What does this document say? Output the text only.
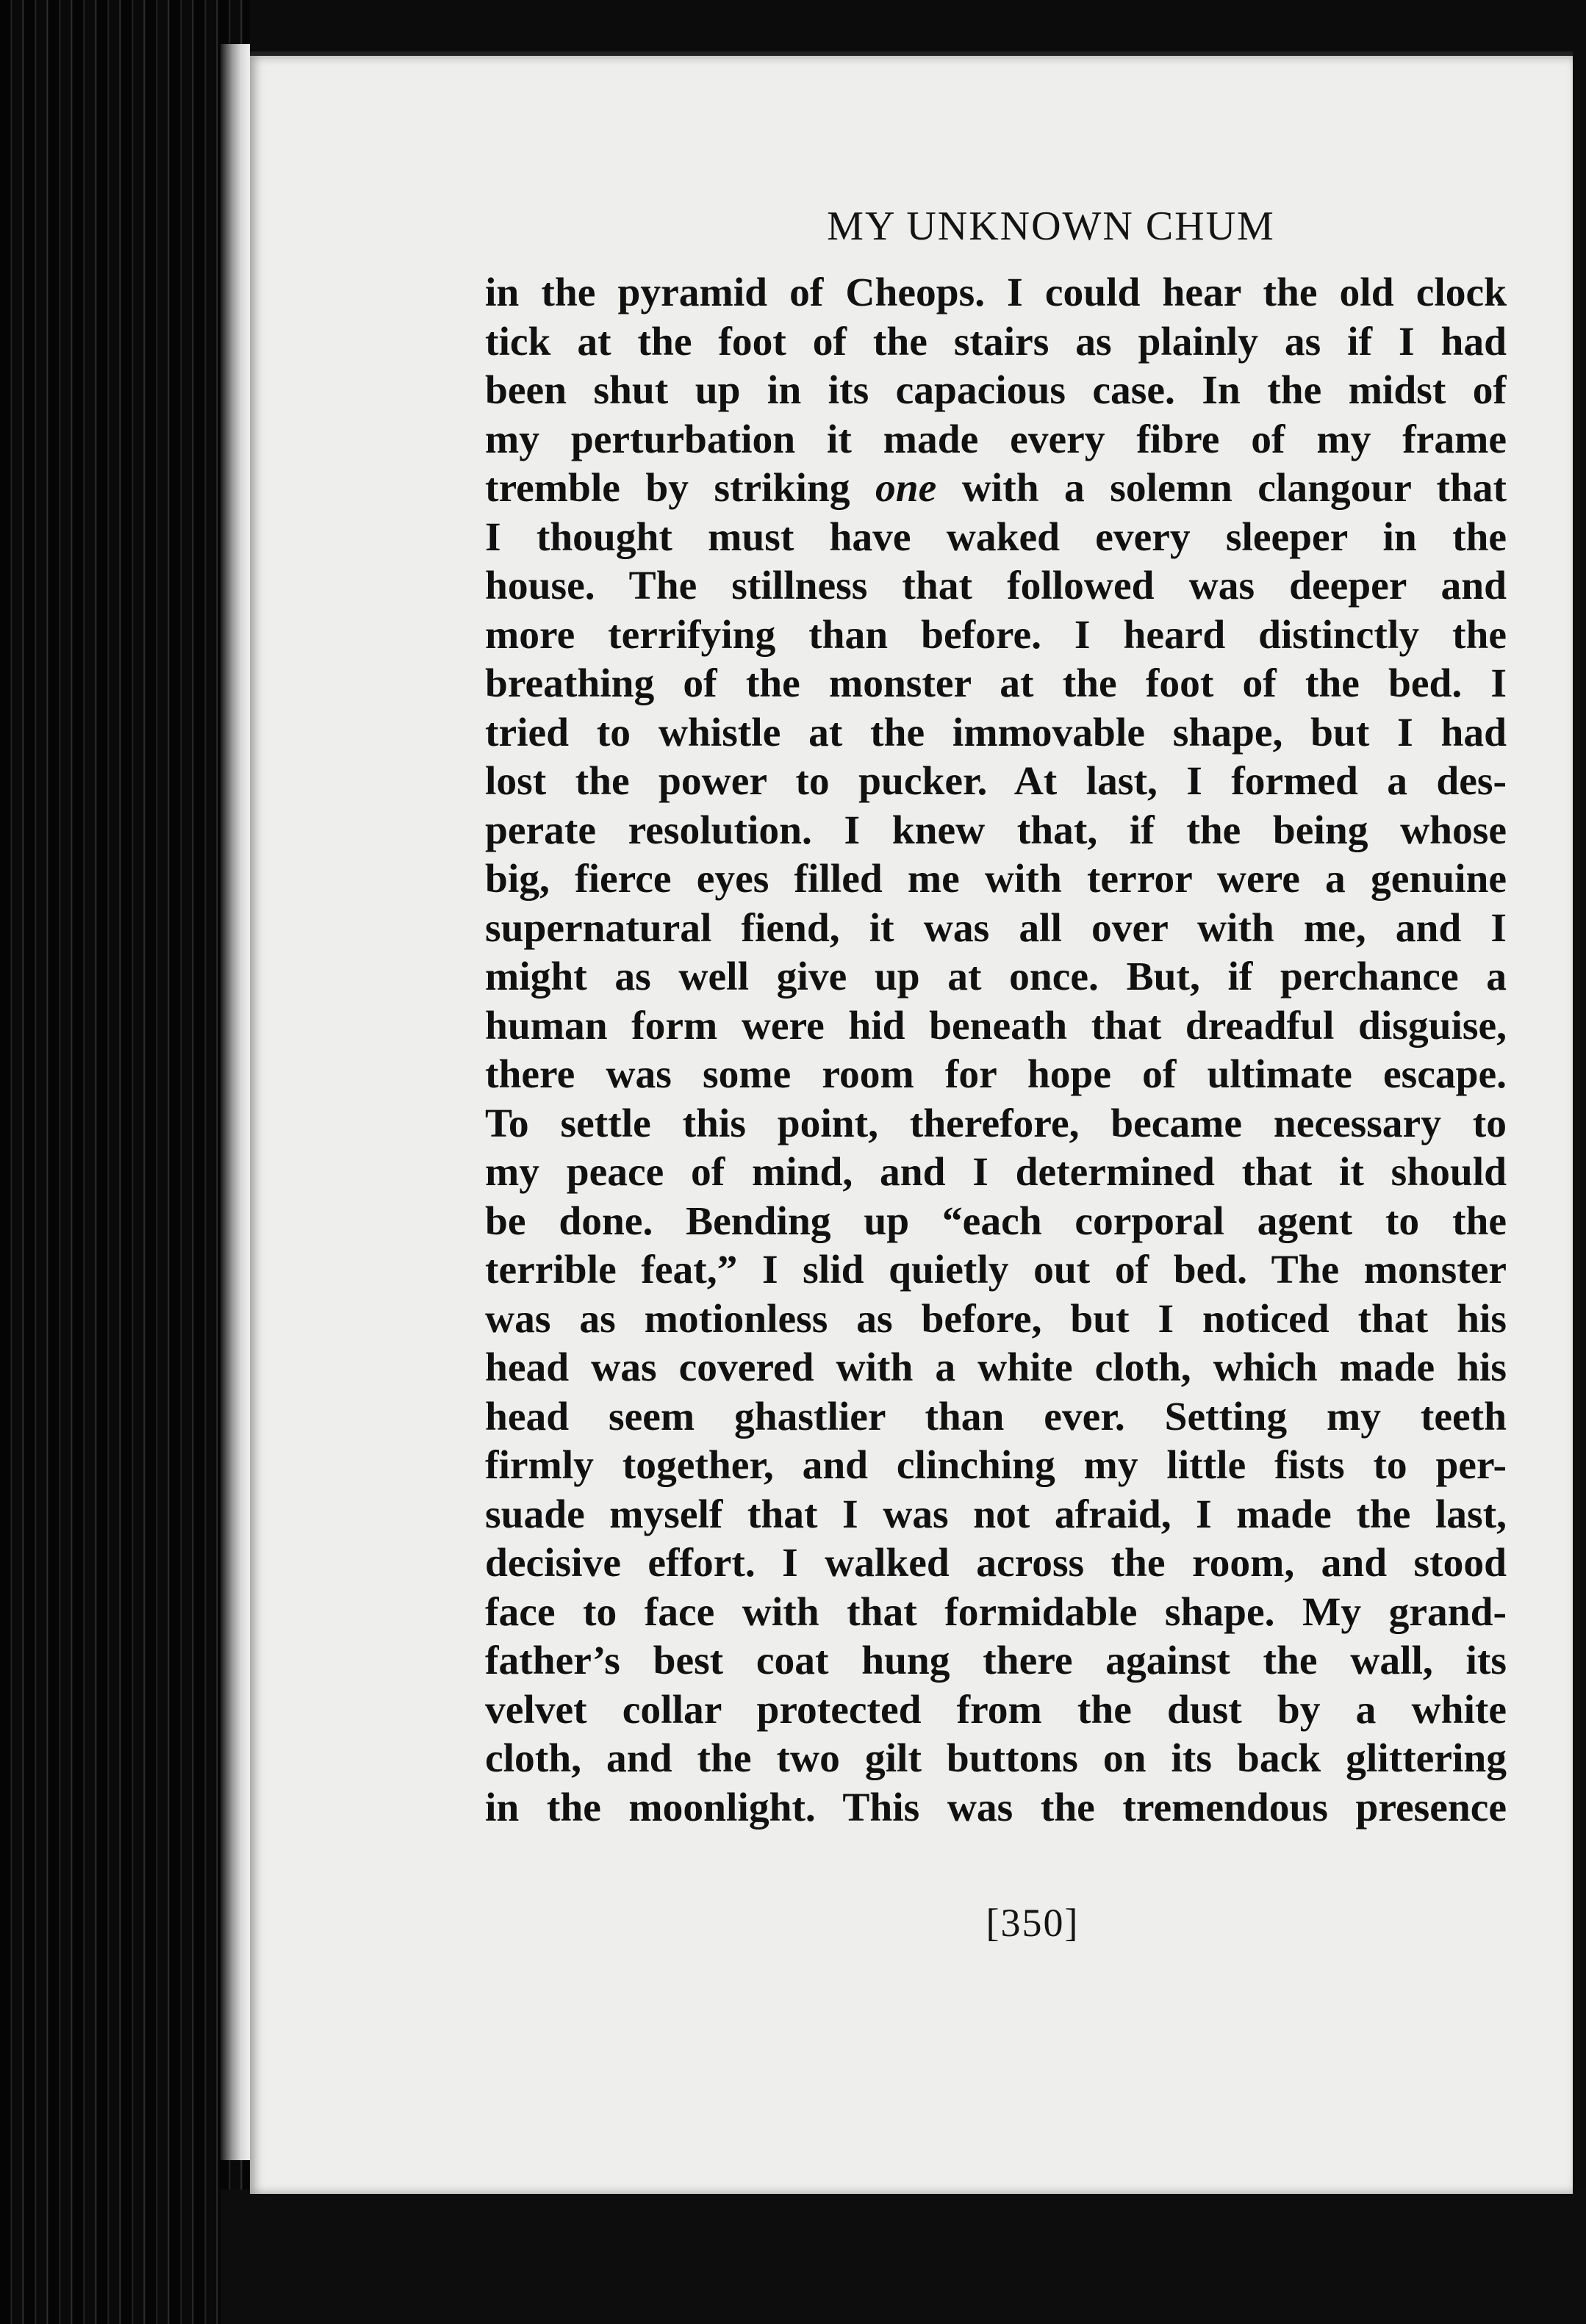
MY UNKNOWN CHUM
in the pyramid of Cheops. I could hear the old clock
tick at the foot of the stairs as plainly as if I had
been shut up in its capacious case. In the midst of
my perturbation it made every fibre of my frame
tremble by striking one with a solemn clangour that
I thought must have waked every sleeper in the
house. The stillness that followed was deeper and
more terrifying than before. I heard distinctly the
breathing of the monster at the foot of the bed. I
tried to whistle at the immovable shape, but I had
lost the power to pucker. At last, I formed a des-
perate resolution. I knew that, if the being whose
big, fierce eyes filled me with terror were a genuine
supernatural fiend, it was all over with me, and I
might as well give up at once. But, if perchance a
human form were hid beneath that dreadful disguise,
there was some room for hope of ultimate escape.
To settle this point, therefore, became necessary to
my peace of mind, and I determined that it should
be done. Bending up “each corporal agent to the
terrible feat,” I slid quietly out of bed. The monster
was as motionless as before, but I noticed that his
head was covered with a white cloth, which made his
head seem ghastlier than ever. Setting my teeth
firmly together, and clinching my little fists to per-
suade myself that I was not afraid, I made the last,
decisive effort. I walked across the room, and stood
face to face with that formidable shape. My grand-
father’s best coat hung there against the wall, its
velvet collar protected from the dust by a white
cloth, and the two gilt buttons on its back glittering
in the moonlight. This was the tremendous presence
[350]
